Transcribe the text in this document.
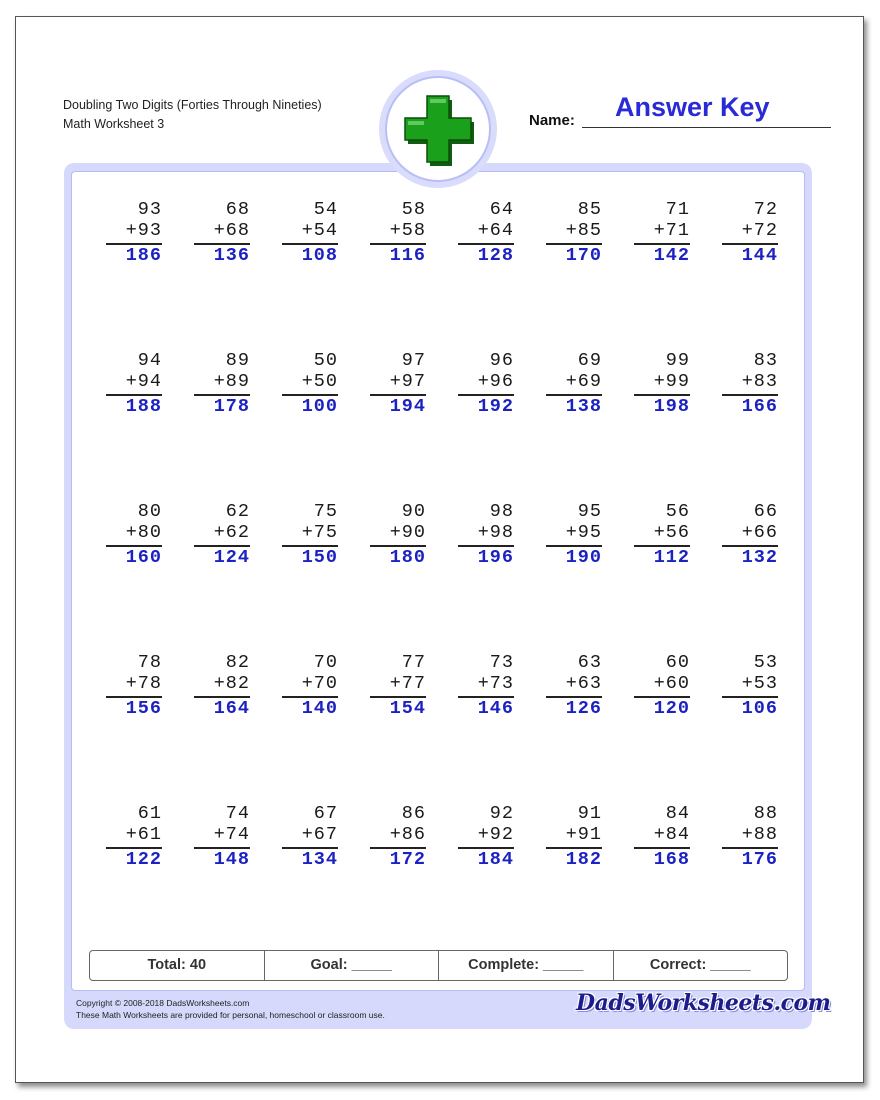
Doubling Two Digits (Forties Through Nineties)
Math Worksheet 3	Name: Answer Key
93
+93
186
68
+68
136
54
+54
108
58
+58
116
64
+64
128
85
+85
170
71
+71
142
72
+72
144
94
+94
188
89
+89
178
50
+50
100
97
+97
194
96
+96
192
69
+69
138
99
+99
198
83
+83
166
80
+80
160
62
+62
124
75
+75
150
90
+90
180
98
+98
196
95
+95
190
56
+56
112
66
+66
132
78
+78
156
82
+82
164
70
+70
140
77
+77
154
73
+73
146
63
+63
126
60
+60
120
53
+53
106
61
+61
122
74
+74
148
67
+67
134
86
+86
172
92
+92
184
91
+91
182
84
+84
168
88
+88
176
Total: 40	Goal: _____	Complete: _____	Correct: _____
Copyright © 2008-2018 DadsWorksheets.com
These Math Worksheets are provided for personal, homeschool or classroom use.	DadsWorksheets.com
